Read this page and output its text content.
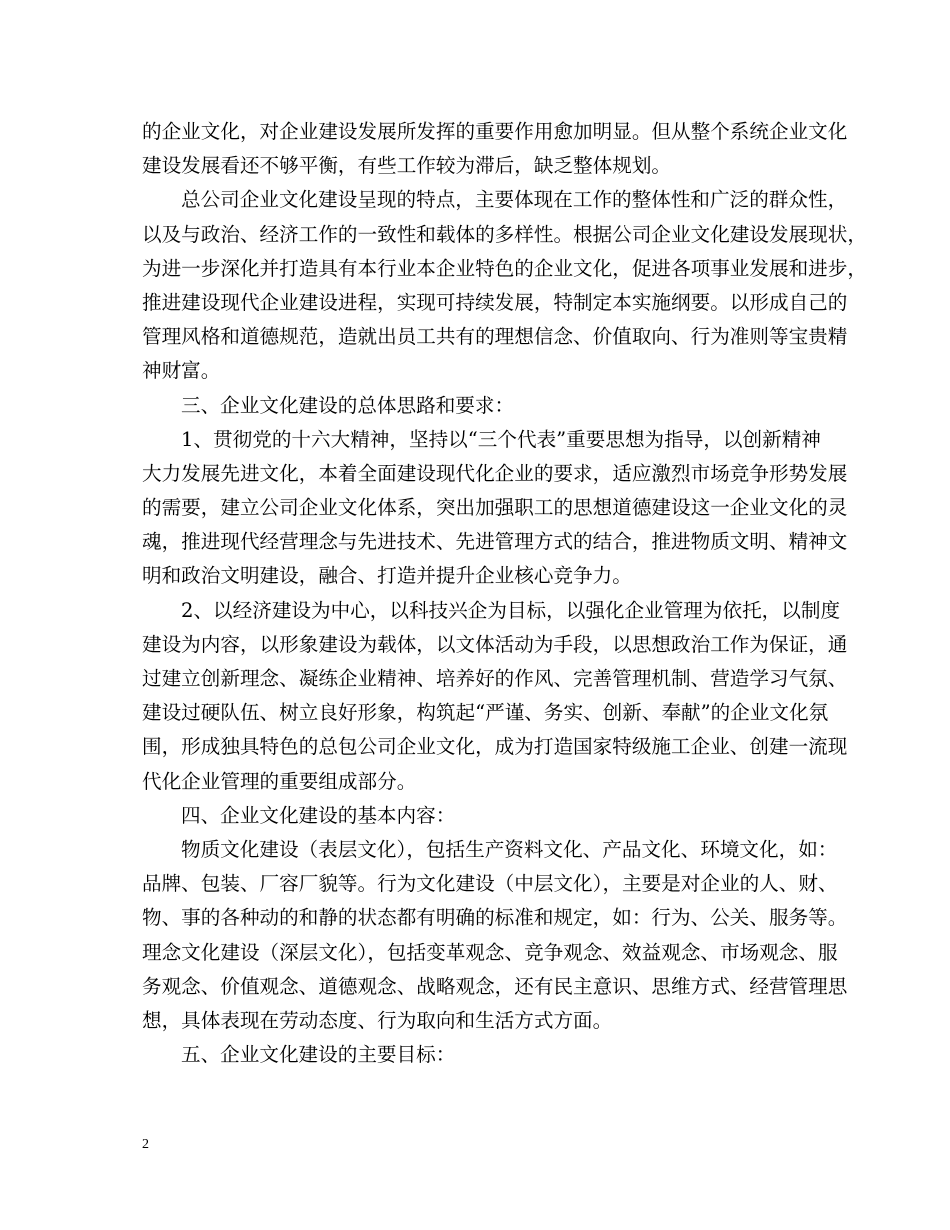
的企业文化，对企业建设发展所发挥的重要作用愈加明显。但从整个系统企业文化
建设发展看还不够平衡，有些工作较为滞后，缺乏整体规划。
总公司企业文化建设呈现的特点，主要体现在工作的整体性和广泛的群众性，
以及与政治、经济工作的一致性和载体的多样性。根据公司企业文化建设发展现状，
为进一步深化并打造具有本行业本企业特色的企业文化，促进各项事业发展和进步，
推进建设现代企业建设进程，实现可持续发展，特制定本实施纲要。以形成自己的
管理风格和道德规范，造就出员工共有的理想信念、价值取向、行为准则等宝贵精
神财富。
三、企业文化建设的总体思路和要求：
1、贯彻党的十六大精神，坚持以“三个代表”重要思想为指导，以创新精神
大力发展先进文化，本着全面建设现代化企业的要求，适应激烈市场竞争形势发展
的需要，建立公司企业文化体系，突出加强职工的思想道德建设这一企业文化的灵
魂，推进现代经营理念与先进技术、先进管理方式的结合，推进物质文明、精神文
明和政治文明建设，融合、打造并提升企业核心竞争力。
2、以经济建设为中心，以科技兴企为目标，以强化企业管理为依托，以制度
建设为内容，以形象建设为载体，以文体活动为手段，以思想政治工作为保证，通
过建立创新理念、凝练企业精神、培养好的作风、完善管理机制、营造学习气氛、
建设过硬队伍、树立良好形象，构筑起“严谨、务实、创新、奉献”的企业文化氛
围，形成独具特色的总包公司企业文化，成为打造国家特级施工企业、创建一流现
代化企业管理的重要组成部分。
四、企业文化建设的基本内容：
物质文化建设（表层文化），包括生产资料文化、产品文化、环境文化，如：
品牌、包装、厂容厂貌等。行为文化建设（中层文化），主要是对企业的人、财、
物、事的各种动的和静的状态都有明确的标准和规定，如：行为、公关、服务等。
理念文化建设（深层文化），包括变革观念、竞争观念、效益观念、市场观念、服
务观念、价值观念、道德观念、战略观念，还有民主意识、思维方式、经营管理思
想，具体表现在劳动态度、行为取向和生活方式方面。
五、企业文化建设的主要目标：
2
